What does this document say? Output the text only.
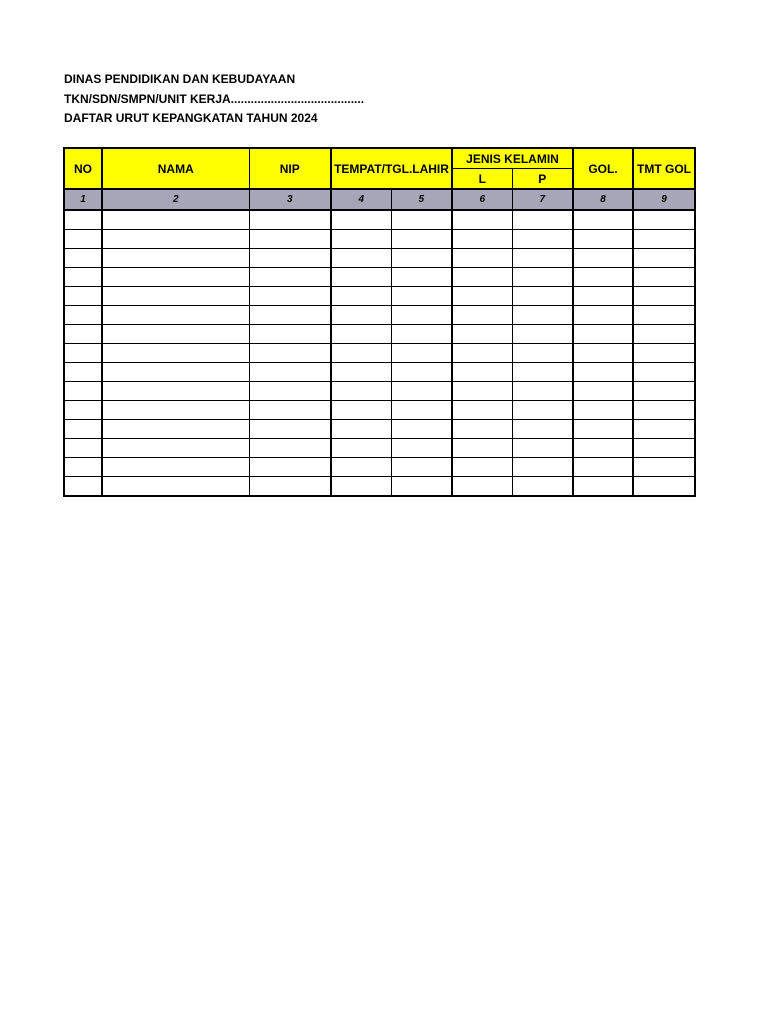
DINAS PENDIDIKAN DAN KEBUDAYAAN
TKN/SDN/SMPN/UNIT KERJA........................................
DAFTAR URUT KEPANGKATAN TAHUN 2024
NO	NAMA	NIP	TEMPAT/TGL.LAHIR		JENIS KELAMIN		GOL.	TMT GOL
					L	P		
1	2	3	4	5	6	7	8	9
